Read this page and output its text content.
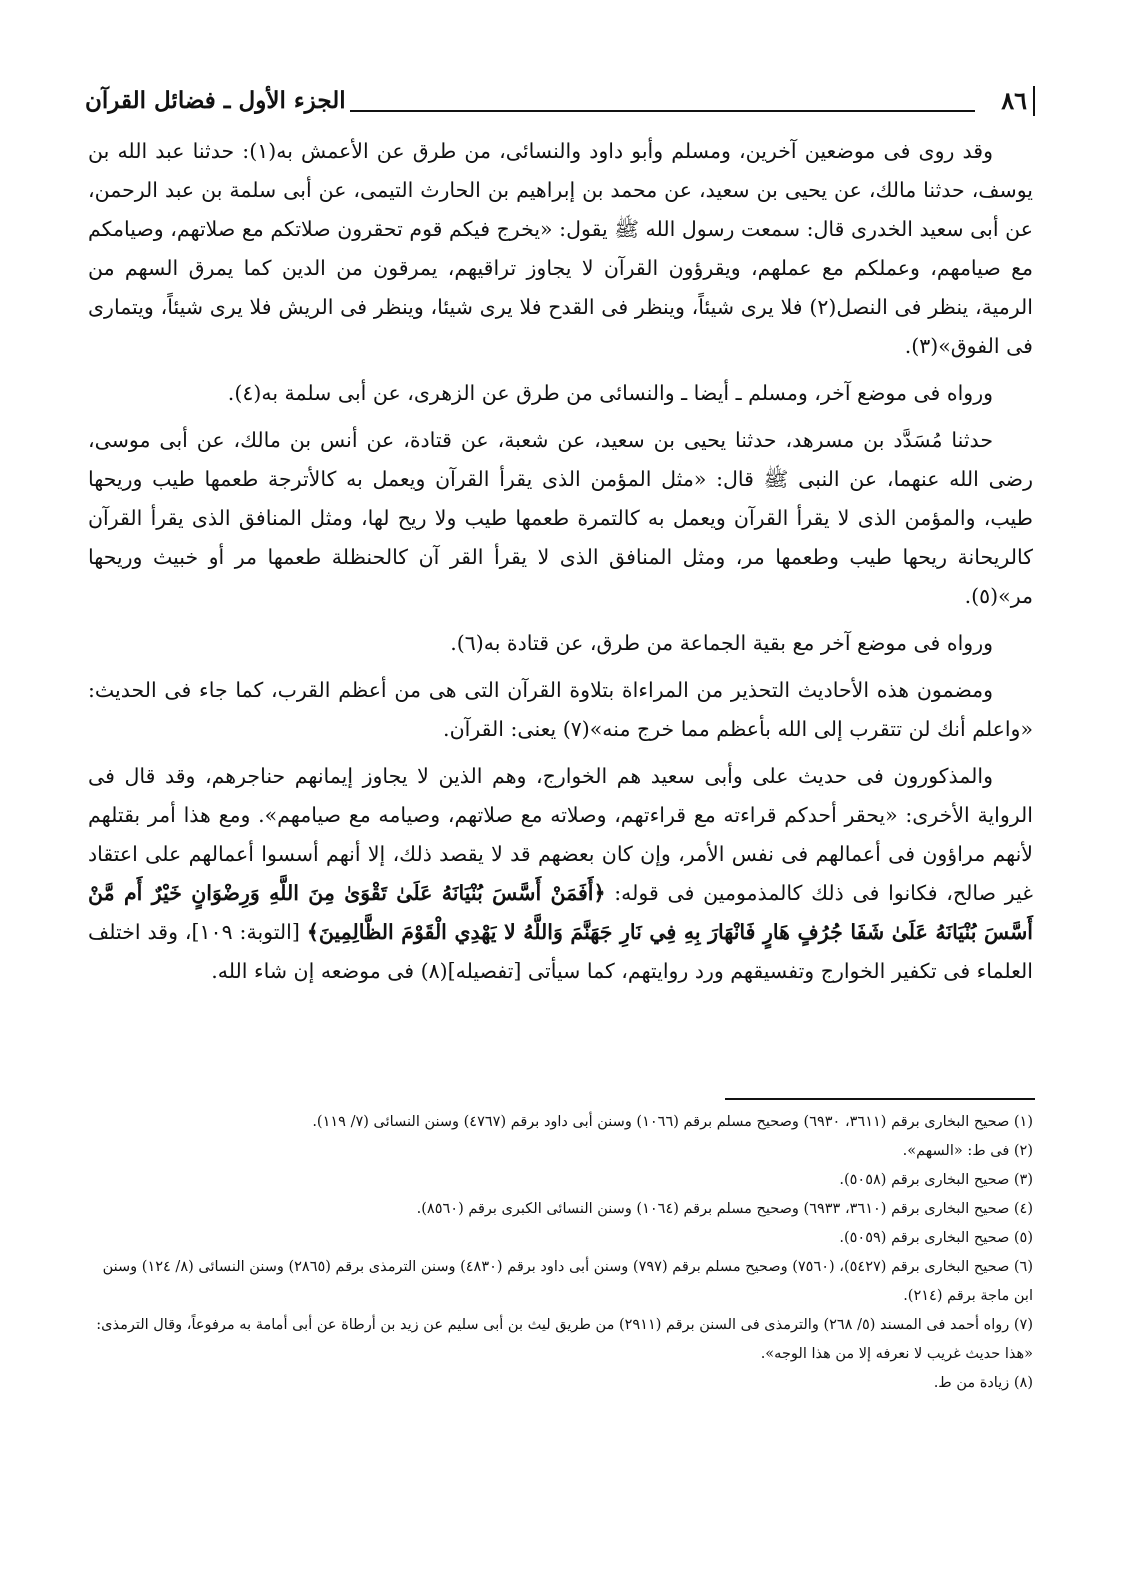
٨٦
الجزء الأول ـ فضائل القرآن

وقد روى فى موضعين آخرين، ومسلم وأبو داود والنسائى، من طرق عن الأعمش به(١): حدثنا عبد الله بن يوسف، حدثنا مالك، عن يحيى بن سعيد، عن محمد بن إبراهيم بن الحارث التيمى، عن أبى سلمة بن عبد الرحمن، عن أبى سعيد الخدرى قال: سمعت رسول الله ﷺ يقول: «يخرج فيكم قوم تحقرون صلاتكم مع صلاتهم، وصيامكم مع صيامهم، وعملكم مع عملهم، ويقرؤون القرآن لا يجاوز تراقيهم، يمرقون من الدين كما يمرق السهم من الرمية، ينظر فى النصل(٢) فلا يرى شيئاً، وينظر فى القدح فلا يرى شيئا، وينظر فى الريش فلا يرى شيئاً، ويتمارى فى الفوق»(٣).

ورواه فى موضع آخر، ومسلم ـ أيضا ـ والنسائى من طرق عن الزهرى، عن أبى سلمة به(٤).

حدثنا مُسَدَّد بن مسرهد، حدثنا يحيى بن سعيد، عن شعبة، عن قتادة، عن أنس بن مالك، عن أبى موسى، رضى الله عنهما، عن النبى ﷺ قال: «مثل المؤمن الذى يقرأ القرآن ويعمل به كالأترجة طعمها طيب وريحها طيب، والمؤمن الذى لا يقرأ القرآن ويعمل به كالتمرة طعمها طيب ولا ريح لها، ومثل المنافق الذى يقرأ القرآن كالريحانة ريحها طيب وطعمها مر، ومثل المنافق الذى لا يقرأ القر آن كالحنظلة طعمها مر أو خبيث وريحها مر»(٥).

ورواه فى موضع آخر مع بقية الجماعة من طرق، عن قتادة به(٦).

ومضمون هذه الأحاديث التحذير من المراءاة بتلاوة القرآن التى هى من أعظم القرب، كما جاء فى الحديث: «واعلم أنك لن تتقرب إلى الله بأعظم مما خرج منه»(٧) يعنى: القرآن.

والمذكورون فى حديث على وأبى سعيد هم الخوارج، وهم الذين لا يجاوز إيمانهم حناجرهم، وقد قال فى الرواية الأخرى: «يحقر أحدكم قراءته مع قراءتهم، وصلاته مع صلاتهم، وصيامه مع صيامهم». ومع هذا أمر بقتلهم لأنهم مراؤون فى أعمالهم فى نفس الأمر، وإن كان بعضهم قد لا يقصد ذلك، إلا أنهم أسسوا أعمالهم على اعتقاد غير صالح، فكانوا فى ذلك كالمذمومين فى قوله: ﴿أَفَمَنْ أَسَّسَ بُنْيَانَهُ عَلَىٰ تَقْوَىٰ مِنَ اللَّهِ وَرِضْوَانٍ خَيْرٌ أَم مَّنْ أَسَّسَ بُنْيَانَهُ عَلَىٰ شَفَا جُرُفٍ هَارٍ فَانْهَارَ بِهِ فِي نَارِ جَهَنَّمَ وَاللَّهُ لا يَهْدِي الْقَوْمَ الظَّالِمِينَ﴾ [التوبة: ١٠٩]، وقد اختلف العلماء فى تكفير الخوارج وتفسيقهم ورد روايتهم، كما سيأتى [تفصيله](٨) فى موضعه إن شاء الله.

(١) صحيح البخارى برقم (٣٦١١، ٦٩٣٠) وصحيح مسلم برقم (١٠٦٦) وسنن أبى داود برقم (٤٧٦٧) وسنن النسائى (٧/ ١١٩).
(٢) فى ط: «السهم».
(٣) صحيح البخارى برقم (٥٠٥٨).
(٤) صحيح البخارى برقم (٣٦١٠، ٦٩٣٣) وصحيح مسلم برقم (١٠٦٤) وسنن النسائى الكبرى برقم (٨٥٦٠).
(٥) صحيح البخارى برقم (٥٠٥٩).
(٦) صحيح البخارى برقم (٥٤٢٧)، (٧٥٦٠) وصحيح مسلم برقم (٧٩٧) وسنن أبى داود برقم (٤٨٣٠) وسنن الترمذى برقم (٢٨٦٥) وسنن النسائى (٨/ ١٢٤) وسنن ابن ماجة برقم (٢١٤).
(٧) رواه أحمد فى المسند (٥/ ٢٦٨) والترمذى فى السنن برقم (٢٩١١) من طريق ليث بن أبى سليم عن زيد بن أرطاة عن أبى أمامة به مرفوعاً، وقال الترمذى: «هذا حديث غريب لا نعرفه إلا من هذا الوجه».
(٨) زيادة من ط.
